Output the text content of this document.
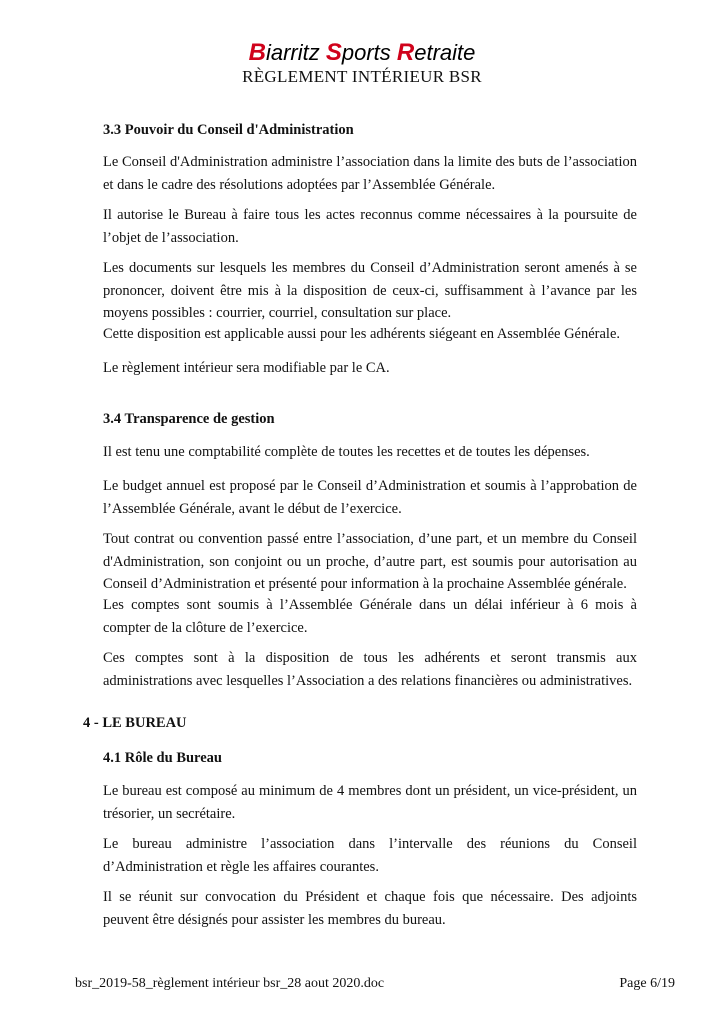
Biarritz Sports Retraite
RÈGLEMENT INTÉRIEUR BSR
3.3 Pouvoir du Conseil d'Administration

Le Conseil d'Administration administre l’association dans la limite des buts de l’association et dans le cadre des résolutions adoptées par l’Assemblée Générale.

Il autorise le Bureau à faire tous les actes reconnus comme nécessaires à la poursuite de l’objet de l’association.

Les documents sur lesquels les membres du Conseil d’Administration seront amenés à se prononcer, doivent être mis à la disposition de ceux-ci, suffisamment à l’avance par les moyens possibles : courrier, courriel, consultation sur place.

Cette disposition est applicable aussi pour les adhérents siégeant en Assemblée Générale.

Le règlement intérieur sera modifiable par le CA.

3.4 Transparence de gestion

Il est tenu une comptabilité complète de toutes les recettes et de toutes les dépenses.

Le budget annuel est proposé par le Conseil d’Administration et soumis à l’approbation de l’Assemblée Générale, avant le début de l’exercice.

Tout contrat ou convention passé entre l’association, d’une part, et un membre du Conseil d'Administration, son conjoint ou un proche, d’autre part, est soumis pour autorisation au Conseil d’Administration et présenté pour information à la prochaine Assemblée générale.

Les comptes sont soumis à l’Assemblée Générale dans un délai inférieur à 6 mois à compter de la clôture de l’exercice.

Ces comptes sont à la disposition de tous les adhérents et seront transmis aux administrations avec lesquelles l’Association a des relations financières ou administratives.

4 - LE BUREAU
4.1 Rôle du Bureau

Le bureau est composé au minimum de 4 membres dont un président, un vice-président, un trésorier, un secrétaire.

Le bureau administre l’association dans l’intervalle des réunions du Conseil d’Administration et règle les affaires courantes.

Il se réunit sur convocation du Président et chaque fois que nécessaire. Des adjoints peuvent être désignés pour assister les membres du bureau.

bsr_2019-58_règlement intérieur bsr_28 aout 2020.doc	Page 6/19
